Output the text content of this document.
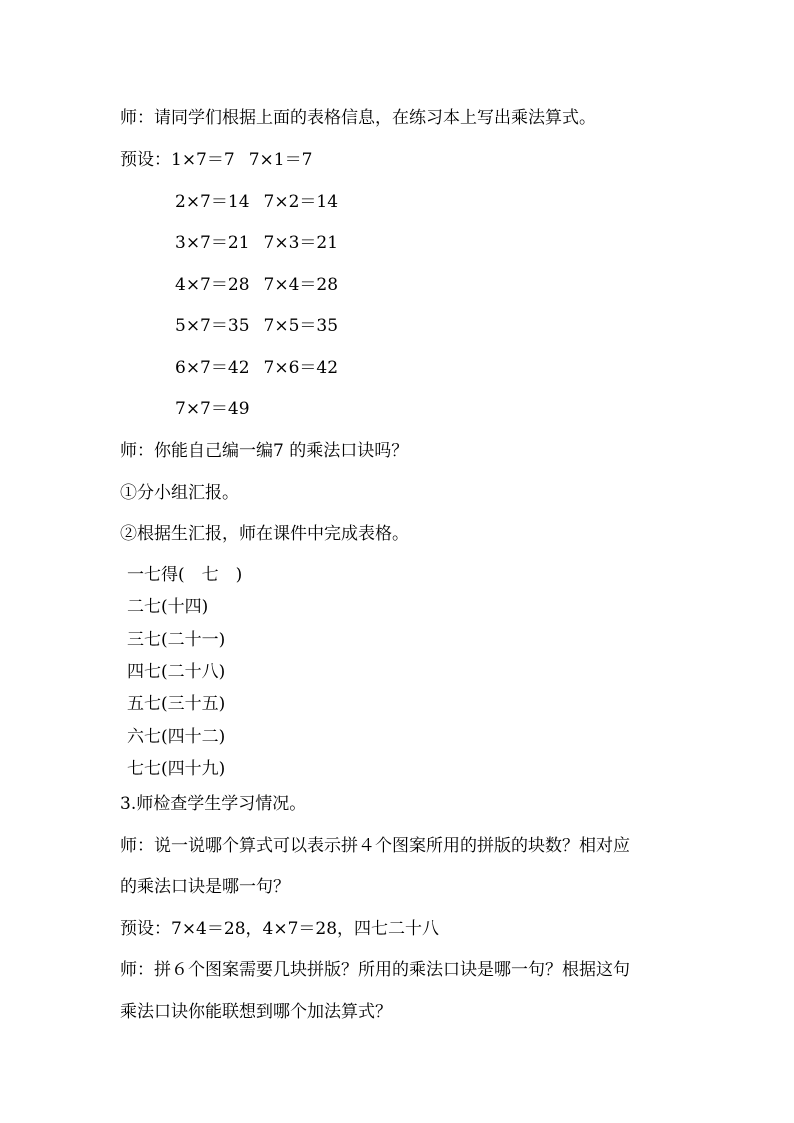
师：请同学们根据上面的表格信息，在练习本上写出乘法算式。
预设：1×7＝7 7×1＝7
2×7＝14 7×2＝14
3×7＝21 7×3＝21
4×7＝28 7×4＝28
5×7＝35 7×5＝35
6×7＝42 7×6＝42
7×7＝49
师：你能自己编一编7 的乘法口诀吗？
①分小组汇报。
②根据生汇报，师在课件中完成表格。
一七得(　七　)
二七(十四)
三七(二十一)
四七(二十八)
五七(三十五)
六七(四十二)
七七(四十九)
3.师检查学生学习情况。
师：说一说哪个算式可以表示拼４个图案所用的拼版的块数？相对应
的乘法口诀是哪一句？
预设：7×4＝28，4×7＝28，四七二十八
师：拼６个图案需要几块拼版？所用的乘法口诀是哪一句？根据这句
乘法口诀你能联想到哪个加法算式？
